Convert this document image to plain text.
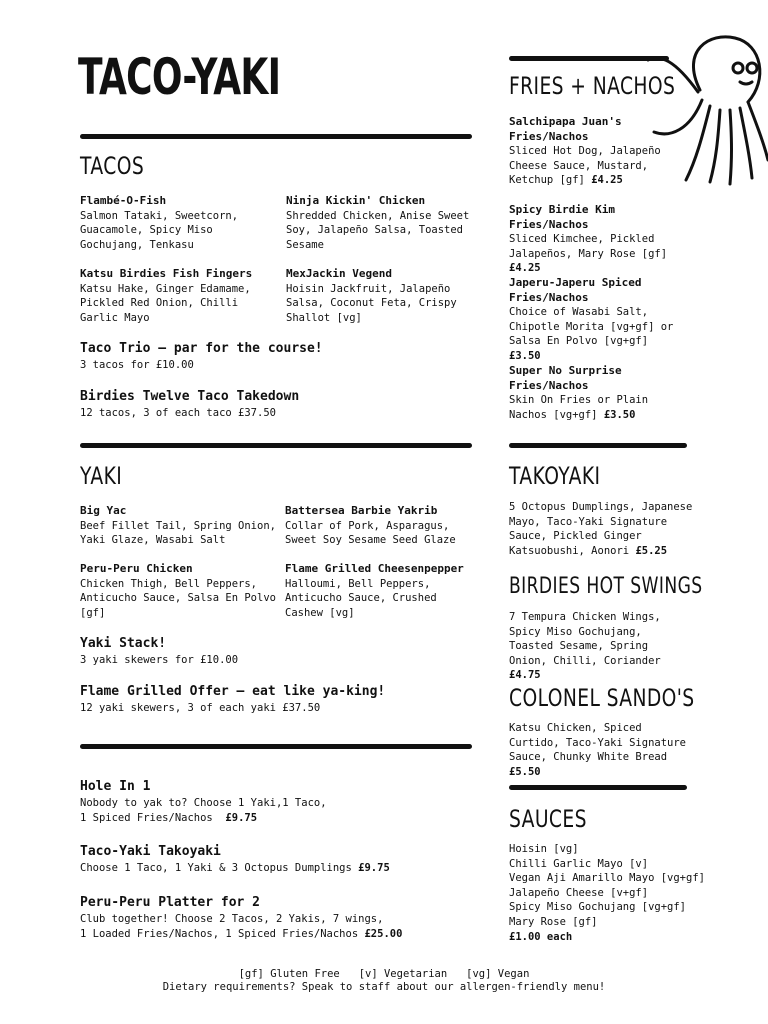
TACO-YAKI
TACOS
Flambé-O-Fish
Salmon Tataki, Sweetcorn, Guacamole, Spicy Miso Gochujang, Tenkasu
Ninja Kickin' Chicken
Shredded Chicken, Anise Sweet Soy, Jalapeño Salsa, Toasted Sesame
Katsu Birdies Fish Fingers
Katsu Hake, Ginger Edamame, Pickled Red Onion, Chilli Garlic Mayo
MexJackin Vegend
Hoisin Jackfruit, Jalapeño Salsa, Coconut Feta, Crispy Shallot [vg]
Taco Trio – par for the course!
3 tacos for £10.00
Birdies Twelve Taco Takedown
12 tacos, 3 of each taco £37.50
YAKI
Big Yac
Beef Fillet Tail, Spring Onion, Yaki Glaze, Wasabi Salt
Battersea Barbie Yakrib
Collar of Pork, Asparagus, Sweet Soy Sesame Seed Glaze
Peru-Peru Chicken
Chicken Thigh, Bell Peppers, Anticucho Sauce, Salsa En Polvo [gf]
Flame Grilled Cheesenpepper
Halloumi, Bell Peppers, Anticucho Sauce, Crushed Cashew [vg]
Yaki Stack!
3 yaki skewers for £10.00
Flame Grilled Offer – eat like ya-king!
12 yaki skewers, 3 of each yaki £37.50
Hole In 1
Nobody to yak to? Choose 1 Yaki,1 Taco,
1 Spiced Fries/Nachos £9.75
Taco-Yaki Takoyaki
Choose 1 Taco, 1 Yaki & 3 Octopus Dumplings £9.75
Peru-Peru Platter for 2
Club together! Choose 2 Tacos, 2 Yakis, 7 wings,
1 Loaded Fries/Nachos, 1 Spiced Fries/Nachos £25.00
FRIES + NACHOS
Salchipapa Juan's Fries/Nachos
Sliced Hot Dog, Jalapeño Cheese Sauce, Mustard, Ketchup [gf] £4.25
Spicy Birdie Kim Fries/Nachos
Sliced Kimchee, Pickled Jalapeños, Mary Rose [gf] £4.25
Japeru-Japeru Spiced Fries/Nachos
Choice of Wasabi Salt, Chipotle Morita [vg+gf] or Salsa En Polvo [vg+gf] £3.50
Super No Surprise Fries/Nachos
Skin On Fries or Plain Nachos [vg+gf] £3.50
TAKOYAKI
5 Octopus Dumplings, Japanese Mayo, Taco-Yaki Signature Sauce, Pickled Ginger Katsuobushi, Aonori £5.25
BIRDIES HOT SWINGS
7 Tempura Chicken Wings, Spicy Miso Gochujang, Toasted Sesame, Spring Onion, Chilli, Coriander £4.75
COLONEL SANDO'S
Katsu Chicken, Spiced Curtido, Taco-Yaki Signature Sauce, Chunky White Bread £5.50
SAUCES
Hoisin [vg]
Chilli Garlic Mayo [v]
Vegan Aji Amarillo Mayo [vg+gf]
Jalapeño Cheese [v+gf]
Spicy Miso Gochujang [vg+gf]
Mary Rose [gf]
£1.00 each
[gf] Gluten Free   [v] Vegetarian   [vg] Vegan
Dietary requirements? Speak to staff about our allergen-friendly menu!
